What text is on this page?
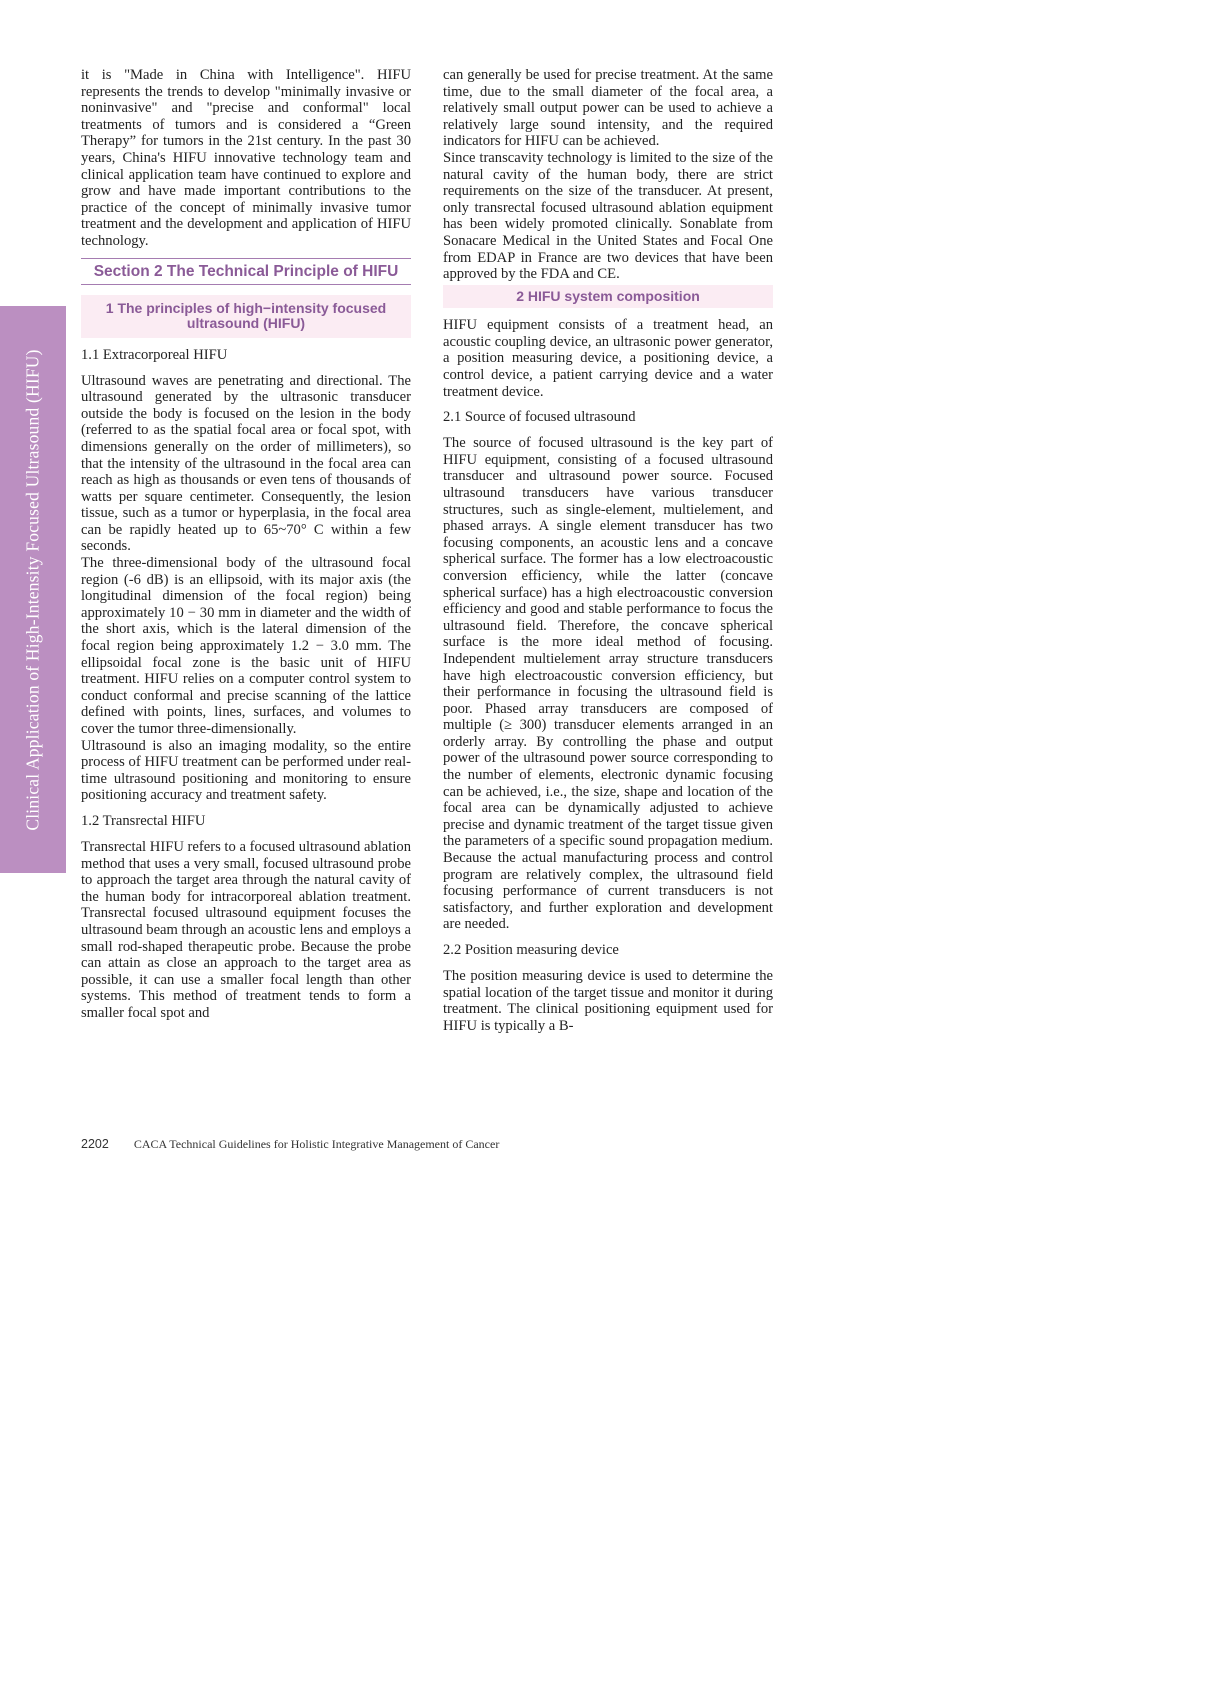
Clinical Application of High-Intensity Focused Ultrasound (HIFU)

it is "Made in China with Intelligence". HIFU represents the trends to develop "minimally invasive or noninvasive" and "precise and conformal" local treatments of tumors and is considered a “Green Therapy” for tumors in the 21st century. In the past 30 years, China's HIFU innovative technology team and clinical application team have continued to explore and grow and have made important contributions to the practice of the concept of minimally invasive tumor treatment and the development and application of HIFU technology.

Section 2 The Technical Principle of HIFU
1 The principles of high−intensity focused ultrasound (HIFU)
1.1 Extracorporeal HIFU

Ultrasound waves are penetrating and directional. The ultrasound generated by the ultrasonic transducer outside the body is focused on the lesion in the body (referred to as the spatial focal area or focal spot, with dimensions generally on the order of millimeters), so that the intensity of the ultrasound in the focal area can reach as high as thousands or even tens of thousands of watts per square centimeter. Consequently, the lesion tissue, such as a tumor or hyperplasia, in the focal area can be rapidly heated up to 65~70° C within a few seconds.

The three-dimensional body of the ultrasound focal region (-6 dB) is an ellipsoid, with its major axis (the longitudinal dimension of the focal region) being approximately 10 − 30 mm in diameter and the width of the short axis, which is the lateral dimension of the focal region being approximately 1.2 − 3.0 mm. The ellipsoidal focal zone is the basic unit of HIFU treatment. HIFU relies on a computer control system to conduct conformal and precise scanning of the lattice defined with points, lines, surfaces, and volumes to cover the tumor three-dimensionally.

Ultrasound is also an imaging modality, so the entire process of HIFU treatment can be performed under real-time ultrasound positioning and monitoring to ensure positioning accuracy and treatment safety.

1.2 Transrectal HIFU

Transrectal HIFU refers to a focused ultrasound ablation method that uses a very small, focused ultrasound probe to approach the target area through the natural cavity of the human body for intracorporeal ablation treatment. Transrectal focused ultrasound equipment focuses the ultrasound beam through an acoustic lens and employs a small rod-shaped therapeutic probe. Because the probe can attain as close an approach to the target area as possible, it can use a smaller focal length than other systems. This method of treatment tends to form a smaller focal spot and

can generally be used for precise treatment. At the same time, due to the small diameter of the focal area, a relatively small output power can be used to achieve a relatively large sound intensity, and the required indicators for HIFU can be achieved.

Since transcavity technology is limited to the size of the natural cavity of the human body, there are strict requirements on the size of the transducer. At present, only transrectal focused ultrasound ablation equipment has been widely promoted clinically. Sonablate from Sonacare Medical in the United States and Focal One from EDAP in France are two devices that have been approved by the FDA and CE.

2 HIFU system composition

HIFU equipment consists of a treatment head, an acoustic coupling device, an ultrasonic power generator, a position measuring device, a positioning device, a control device, a patient carrying device and a water treatment device.

2.1 Source of focused ultrasound

The source of focused ultrasound is the key part of HIFU equipment, consisting of a focused ultrasound transducer and ultrasound power source. Focused ultrasound transducers have various transducer structures, such as single-element, multielement, and phased arrays. A single element transducer has two focusing components, an acoustic lens and a concave spherical surface. The former has a low electroacoustic conversion efficiency, while the latter (concave spherical surface) has a high electroacoustic conversion efficiency and good and stable performance to focus the ultrasound field. Therefore, the concave spherical surface is the more ideal method of focusing. Independent multielement array structure transducers have high electroacoustic conversion efficiency, but their performance in focusing the ultrasound field is poor. Phased array transducers are composed of multiple (≥ 300) transducer elements arranged in an orderly array. By controlling the phase and output power of the ultrasound power source corresponding to the number of elements, electronic dynamic focusing can be achieved, i.e., the size, shape and location of the focal area can be dynamically adjusted to achieve precise and dynamic treatment of the target tissue given the parameters of a specific sound propagation medium. Because the actual manufacturing process and control program are relatively complex, the ultrasound field focusing performance of current transducers is not satisfactory, and further exploration and development are needed.

2.2 Position measuring device

The position measuring device is used to determine the spatial location of the target tissue and monitor it during treatment. The clinical positioning equipment used for HIFU is typically a B-

2202 CACA Technical Guidelines for Holistic Integrative Management of Cancer
